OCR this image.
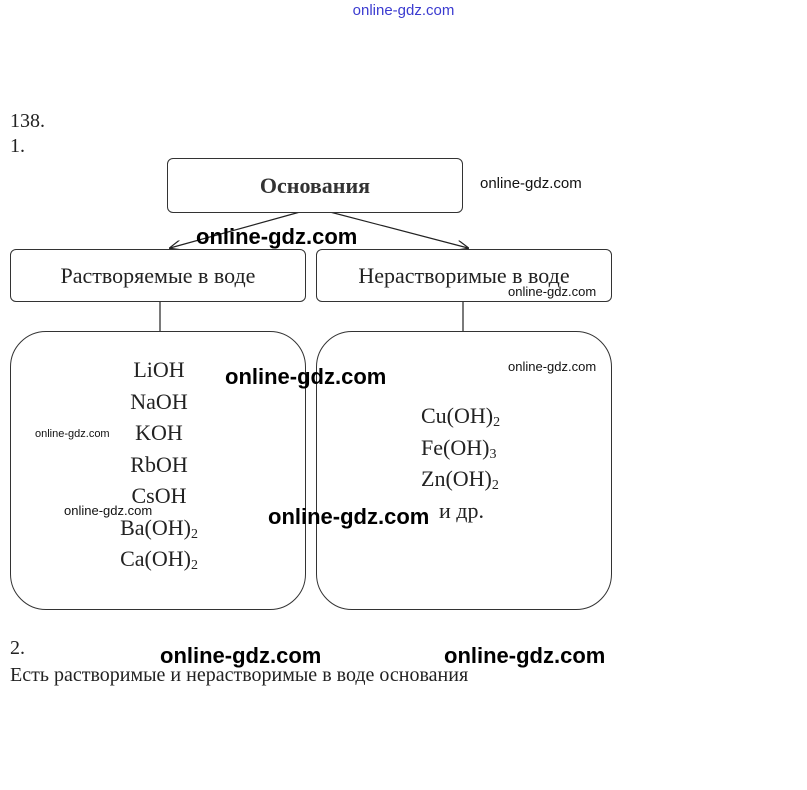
online-gdz.com
138.
1.
Основания
Растворяемые в воде	Нерастворимые в воде
LiOH
NaOH
KOH
RbOH
CsOH
$Ba(OH)_2$
$Ca(OH)_2$
$Cu(OH)_2$
$Fe(OH)_3$
$Zn(OH)_2$
и др.
online-gdz.com
online-gdz.com
online-gdz.com
online-gdz.com
online-gdz.com
online-gdz.com
online-gdz.com	online-gdz.com
2.	online-gdz.com	online-gdz.com
Есть растворимые и нерастворимые в воде основания
